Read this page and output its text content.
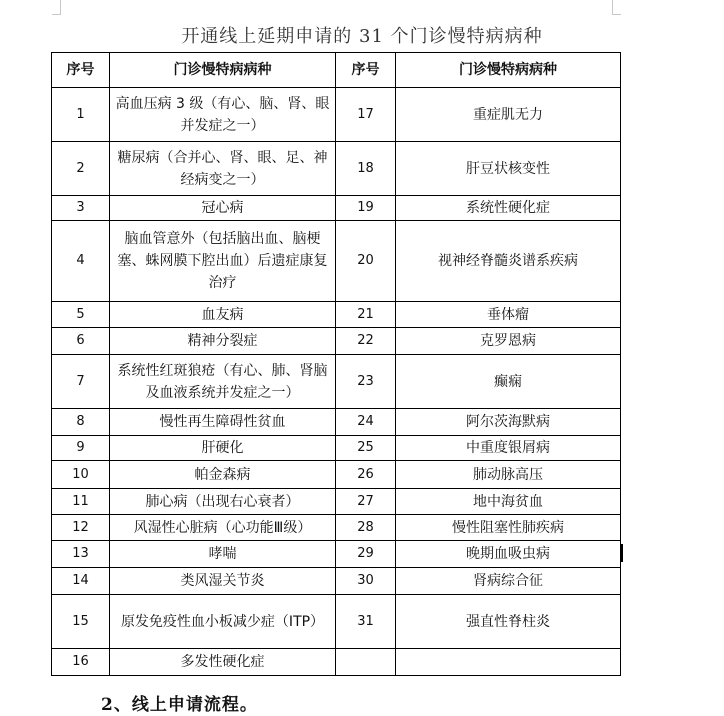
开通线上延期申请的 31 个门诊慢特病病种
序号	门诊慢特病病种	序号	门诊慢特病病种
1	高血压病 3 级（有心、脑、肾、眼并发症之一）	17	重症肌无力
2	糖尿病（合并心、肾、眼、足、神经病变之一）	18	肝豆状核变性
3	冠心病	19	系统性硬化症
4	脑血管意外（包括脑出血、脑梗塞、蛛网膜下腔出血）后遗症康复治疗	20	视神经脊髓炎谱系疾病
5	血友病	21	垂体瘤
6	精神分裂症	22	克罗恩病
7	系统性红斑狼疮（有心、肺、肾脑及血液系统并发症之一）	23	癫痫
8	慢性再生障碍性贫血	24	阿尔茨海默病
9	肝硬化	25	中重度银屑病
10	帕金森病	26	肺动脉高压
11	肺心病（出现右心衰者）	27	地中海贫血
12	风湿性心脏病（心功能Ⅲ级）	28	慢性阻塞性肺疾病
13	哮喘	29	晚期血吸虫病
14	类风湿关节炎	30	肾病综合征
15	原发免疫性血小板减少症（ITP）	31	强直性脊柱炎
16	多发性硬化症		
2、线上申请流程。
